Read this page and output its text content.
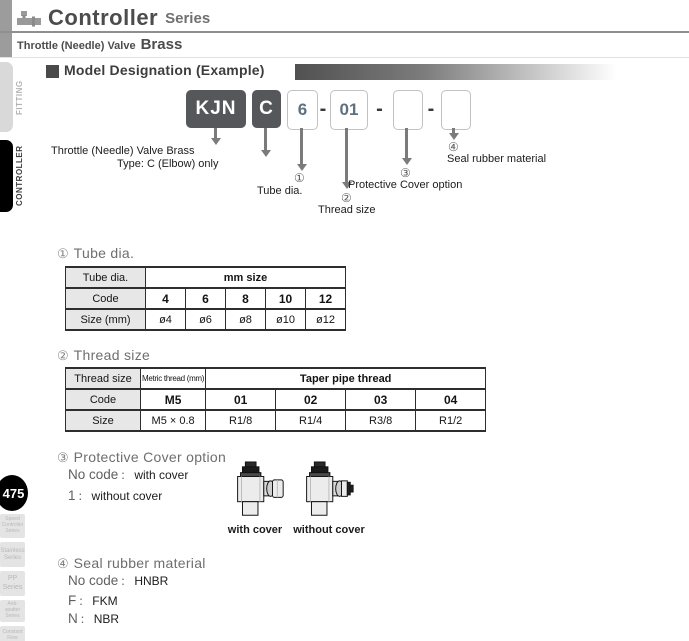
Controller Series
Throttle (Needle) Valve Brass
FITTING
CONTROLLER
475
Speed Controller Series
Stainless Series
PP Series
Anti-spatter Series
Constant Flow
Model Designation (Example)
KJN	C	6 - 01 -	-
Throttle (Needle) Valve Brass
Type: C (Elbow) only
①
Tube dia.	②
Thread size
③
Protective Cover option
④
Seal rubber material
① Tube dia.
Tube dia.	mm size				
Code	4	6	8	10	12
Size (mm)	ø4	ø6	ø8	ø10	ø12
② Thread size
Thread size	Metric thread (mm)	Taper pipe thread			
Code	M5	01	02	03	04
Size	M5 × 0.8	R1/8	R1/4	R3/8	R1/2
③ Protective Cover option
No code ： with cover
1 ： without cover
with cover	without cover
④ Seal rubber material
No code ： HNBR
F ： FKM
N ： NBR
